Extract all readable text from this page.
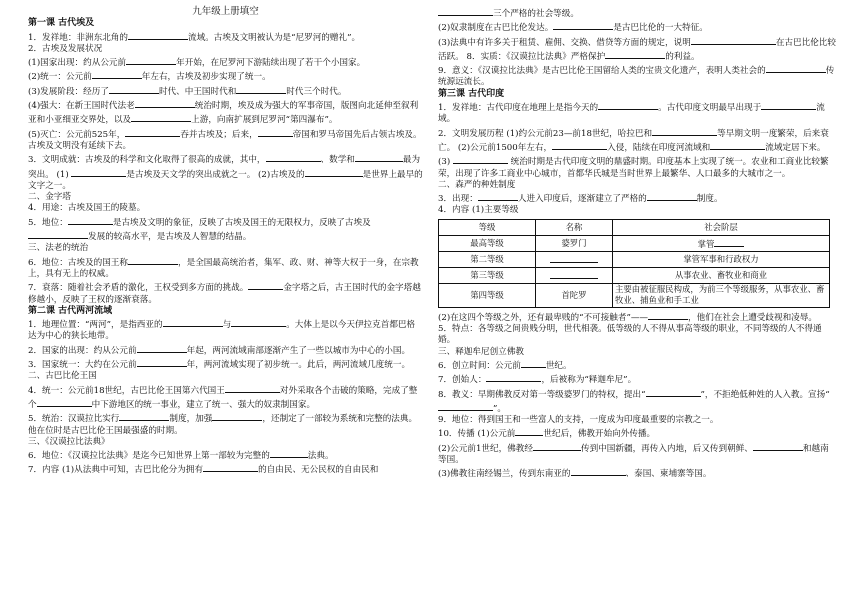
九年级上册填空
第一课 古代埃及
1．发祥地：非洲东北角的	流域。古埃及文明被认为是“尼罗河的赠礼”。
2．古埃及发展状况
(1)国家出现：约从公元前	年开始，在尼罗河下游陆续出现了若干个小国家。
(2)统一：公元前	年左右，古埃及初步实现了统一。
(3)发展阶段：经历了	时代、中王国时代和	时代三个时代。
(4)强大：在新王国时代法老	统治时期，埃及成为强大的军事帝国，版图向北延伸至叙利亚和小亚细亚交界处，以及	上游，向南扩展到尼罗河“第四瀑布”。
(5)灭亡：公元前525年，	吞并古埃及；后来，	帝国和罗马帝国先后占领古埃及。古埃及文明没有延续下去。
3．文明成就：古埃及的科学和文化取得了很高的成就，其中，	、数学和	最为突出。 (1)	是古埃及天文学的突出成就之一。 (2)古埃及的	是世界上最早的文字之一。
二、金字塔
4．用途：古埃及国王的陵墓。
5．地位：	是古埃及文明的象征，反映了古埃及国王的无限权力，反映了古埃及发展的较高水平，是古埃及人智慧的结晶。
三、法老的统治
6．地位：古埃及的国王称	，是全国最高统治者，集军、政、财、神等大权于一身，在宗教上，具有无上的权威。
7．衰落：随着社会矛盾的激化，王权受到多方面的挑战。	金字塔之后，古王国时代的金字塔越修越小，反映了王权的逐渐衰落。
第二课 古代两河流域
1．地理位置：“两河”，是指西亚的	与	。大体上是以今天伊拉克首都巴格达为中心的狭长地带。
2．国家的出现：约从公元前	年起，两河流域南部逐渐产生了一些以城市为中心的小国。
3．国家统一：大约在公元前	年，两河流域实现了初步统一。此后，两河流域几度统一。
二、古巴比伦王国
4．统一：公元前18世纪，古巴比伦王国第六代国王	对外采取各个击破的策略，完成了整个	中下游地区的统一事业，建立了统一、强大的奴隶制国家。
5．统治：汉谟拉比实行	制度，加强	，还制定了一部较为系统和完整的法典。他在位时是古巴比伦王国最强盛的时期。
三、《汉谟拉比法典》
6．地位：《汉谟拉比法典》是迄今已知世界上第一部较为完整的	法典。
7．内容 (1)从法典中可知，古巴比伦分为拥有	的自由民、无公民权的自由民和
三个严格的社会等级。
(2)奴隶制度在古巴比伦发达。	是古巴比伦的一大特征。
(3)法典中有许多关于租赁、雇佣、交换、借贷等方面的规定，说明	在古巴比伦比较活跃。 8．实质：《汉谟拉比法典》严格保护	的利益。
9．意义：《汉谟拉比法典》是古巴比伦王国留给人类的宝贵文化遗产，表明人类社会的	传统源远流长。
第三课 古代印度
1．发祥地：古代印度在地理上是指今天的	。古代印度文明最早出现于	流域。
2．文明发展历程 (1)约公元前23—前18世纪，哈拉巴和	等早期文明一度繁荣，后来衰亡。 (2)公元前1500年左右，	入侵，陆续在印度河流域和	流域定居下来。 (3)	统治时期是古代印度文明的鼎盛时期。印度基本上实现了统一。农业和工商业比较繁荣，出现了许多工商业中心城市，首都华氏城是当时世界上最繁华、人口最多的大城市之一。
二、森严的种姓制度
3．出现：	人进入印度后，逐渐建立了严格的	制度。
4．内容 (1)主要等级
等级	名称	社会阶层
最高等级	婆罗门	掌管
第二等级		掌管军事和行政权力
第三等级		从事农业、畜牧业和商业
第四等级	首陀罗	主要由被征服民构成，为前三个等级服务，从事农业、畜牧业、捕鱼业和手工业
(2)在这四个等级之外，还有最卑贱的“不可接触者”——	，他们在社会上遭受歧视和凌辱。
5．特点：各等级之间贵贱分明，世代相袭。低等级的人不得从事高等级的职业，不同等级的人不得通婚。
三、释迦牟尼创立佛教
6．创立时间：公元前	世纪。
7．创始人：	，后被称为“释迦牟尼”。
8．教义：早期佛教反对第一等级婆罗门的特权，提出“	”，不拒绝低种姓的人入教。宣扬“”。
9．地位：得到国王和一些富人的支持，一度成为印度最重要的宗教之一。
10．传播 (1)公元前	世纪后，佛教开始向外传播。
(2)公元前1世纪，佛教经	传到中国新疆，再传入内地，后又传到朝鲜、	和越南等国。
(3)佛教往南经锡兰，传到东南亚的	、泰国、柬埔寨等国。
